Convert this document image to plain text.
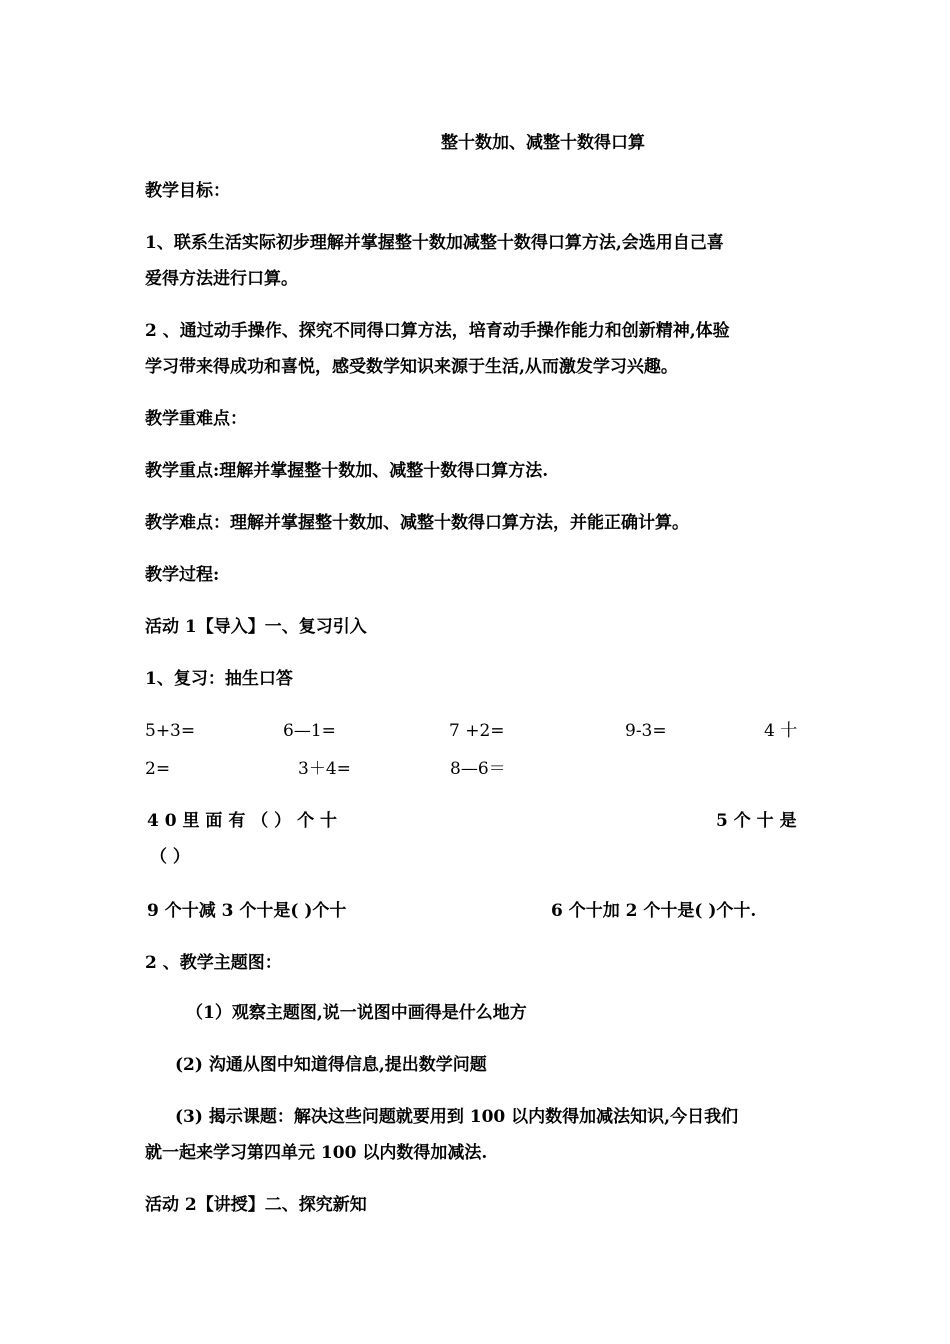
整十数加、减整十数得口算
教学目标：
1、联系生活实际初步理解并掌握整十数加减整十数得口算方法,会选用自己喜
爱得方法进行口算。
2 、通过动手操作、探究不同得口算方法，培育动手操作能力和创新精神,体验
学习带来得成功和喜悦，感受数学知识来源于生活,从而激发学习兴趣。
教学重难点：
教学重点:理解并掌握整十数加、减整十数得口算方法.
教学难点：理解并掌握整十数加、减整十数得口算方法，并能正确计算。
教学过程:
活动 1【导入】一、复习引入
1、复习：抽生口答
5+3=	6—1=	7 +2=	9-3=	4 十
2=	3＋4=	8—6＝
4 0 里 面 有 （ ） 个 十	5 个 十 是
（ ）
9 个十减 3 个十是( )个十	6 个十加 2 个十是( )个十.
2 、教学主题图：
（1）观察主题图,说一说图中画得是什么地方
(2) 沟通从图中知道得信息,提出数学问题
(3) 揭示课题：解决这些问题就要用到 100 以内数得加减法知识,今日我们
就一起来学习第四单元 100 以内数得加减法.
活动 2【讲授】二、探究新知
